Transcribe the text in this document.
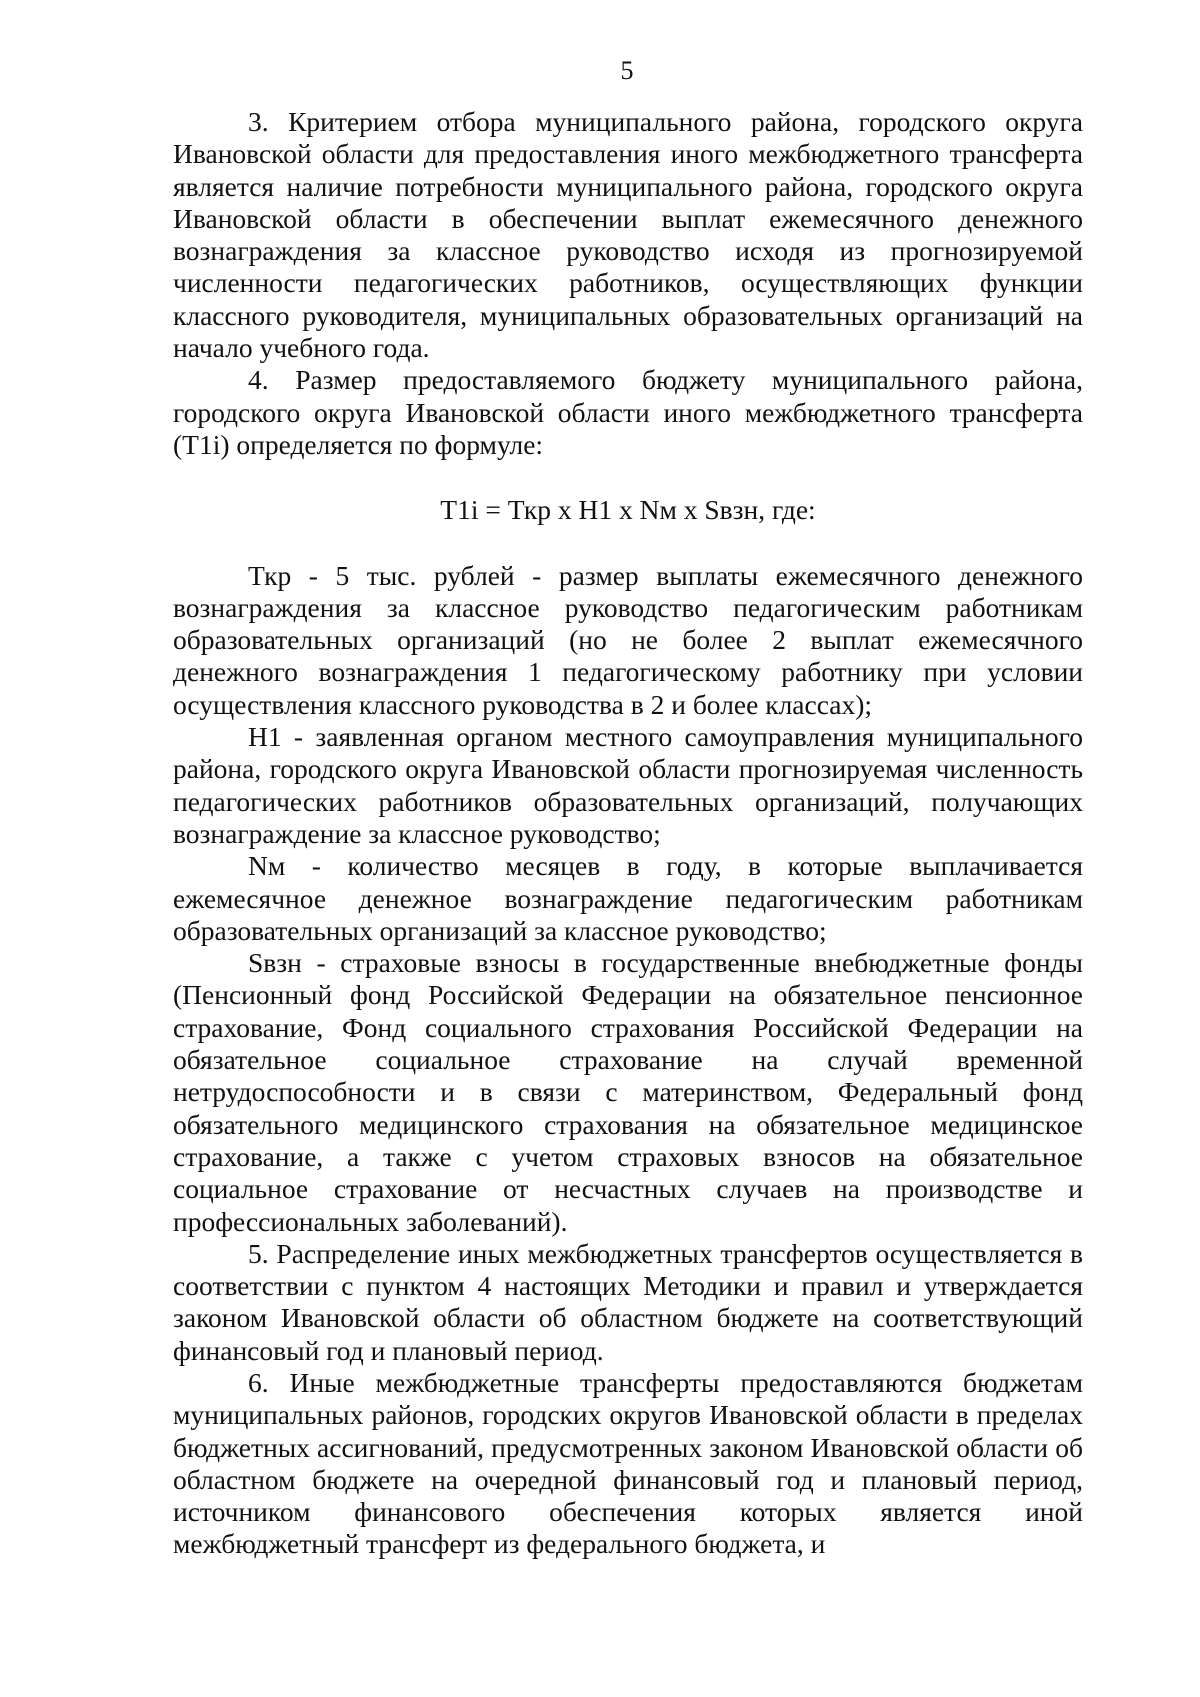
5

3. Критерием отбора муниципального района, городского округа Ивановской области для предоставления иного межбюджетного трансферта является наличие потребности муниципального района, городского округа Ивановской области в обеспечении выплат ежемесячного денежного вознаграждения за классное руководство исходя из прогнозируемой численности педагогических работников, осуществляющих функции классного руководителя, муниципальных образовательных организаций на начало учебного года.

4. Размер предоставляемого бюджету муниципального района, городского округа Ивановской области иного межбюджетного трансферта (T1i) определяется по формуле:

T1i = Ткр x Н1 x Nм x Sвзн, где:

Ткр - 5 тыс. рублей - размер выплаты ежемесячного денежного вознаграждения за классное руководство педагогическим работникам образовательных организаций (но не более 2 выплат ежемесячного денежного вознаграждения 1 педагогическому работнику при условии осуществления классного руководства в 2 и более классах);

Н1 - заявленная органом местного самоуправления муниципального района, городского округа Ивановской области прогнозируемая численность педагогических работников образовательных организаций, получающих вознаграждение за классное руководство;

Nм - количество месяцев в году, в которые выплачивается ежемесячное денежное вознаграждение педагогическим работникам образовательных организаций за классное руководство;

Sвзн - страховые взносы в государственные внебюджетные фонды (Пенсионный фонд Российской Федерации на обязательное пенсионное страхование, Фонд социального страхования Российской Федерации на обязательное социальное страхование на случай временной нетрудоспособности и в связи с материнством, Федеральный фонд обязательного медицинского страхования на обязательное медицинское страхование, а также с учетом страховых взносов на обязательное социальное страхование от несчастных случаев на производстве и профессиональных заболеваний).

5. Распределение иных межбюджетных трансфертов осуществляется в соответствии с пунктом 4 настоящих Методики и правил и утверждается законом Ивановской области об областном бюджете на соответствующий финансовый год и плановый период.

6. Иные межбюджетные трансферты предоставляются бюджетам муниципальных районов, городских округов Ивановской области в пределах бюджетных ассигнований, предусмотренных законом Ивановской области об областном бюджете на очередной финансовый год и плановый период, источником финансового обеспечения которых является иной межбюджетный трансферт из федерального бюджета, и
